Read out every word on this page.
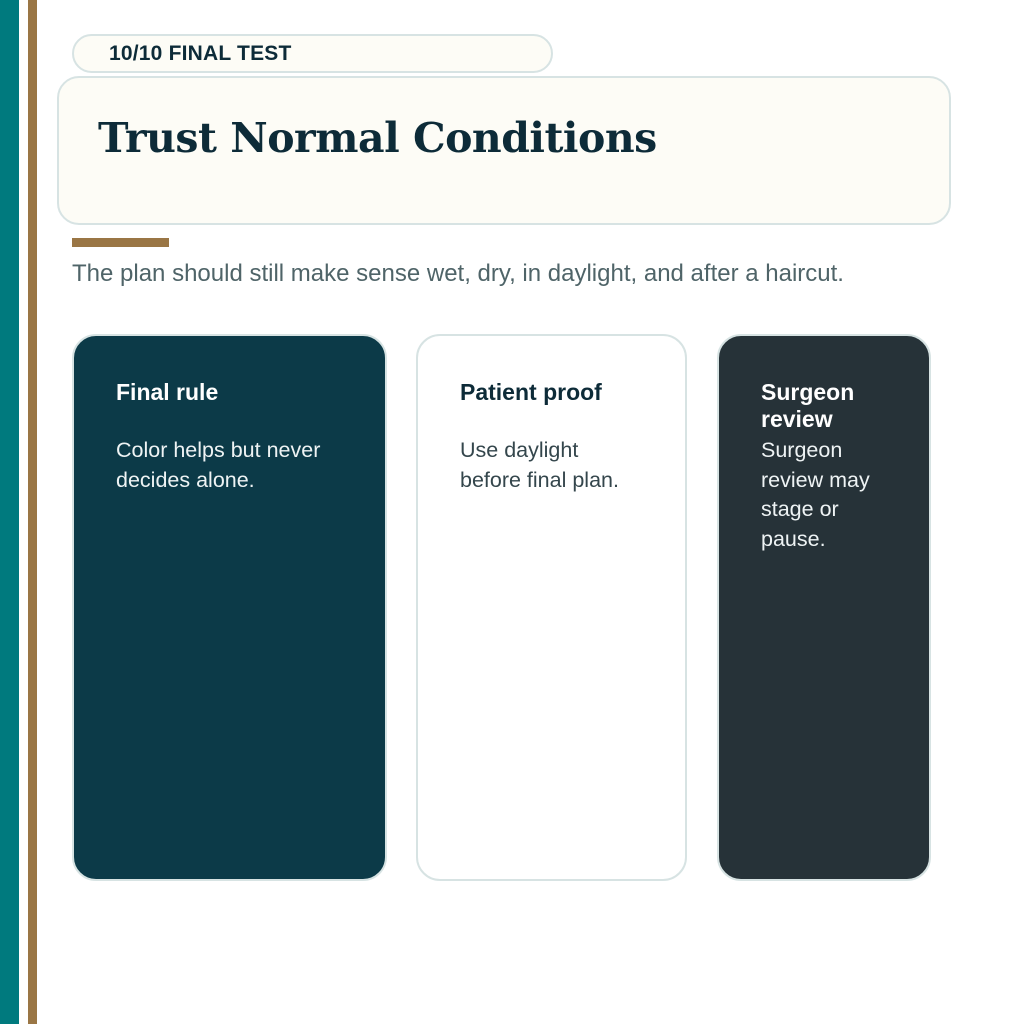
10/10 FINAL TEST
Trust Normal Conditions

The plan should still make sense wet, dry, in daylight, and after a haircut.

Final rule
Color helps but never decides alone.
Patient proof
Use daylight before final plan.
Surgeon review
Surgeon review may stage or pause.
